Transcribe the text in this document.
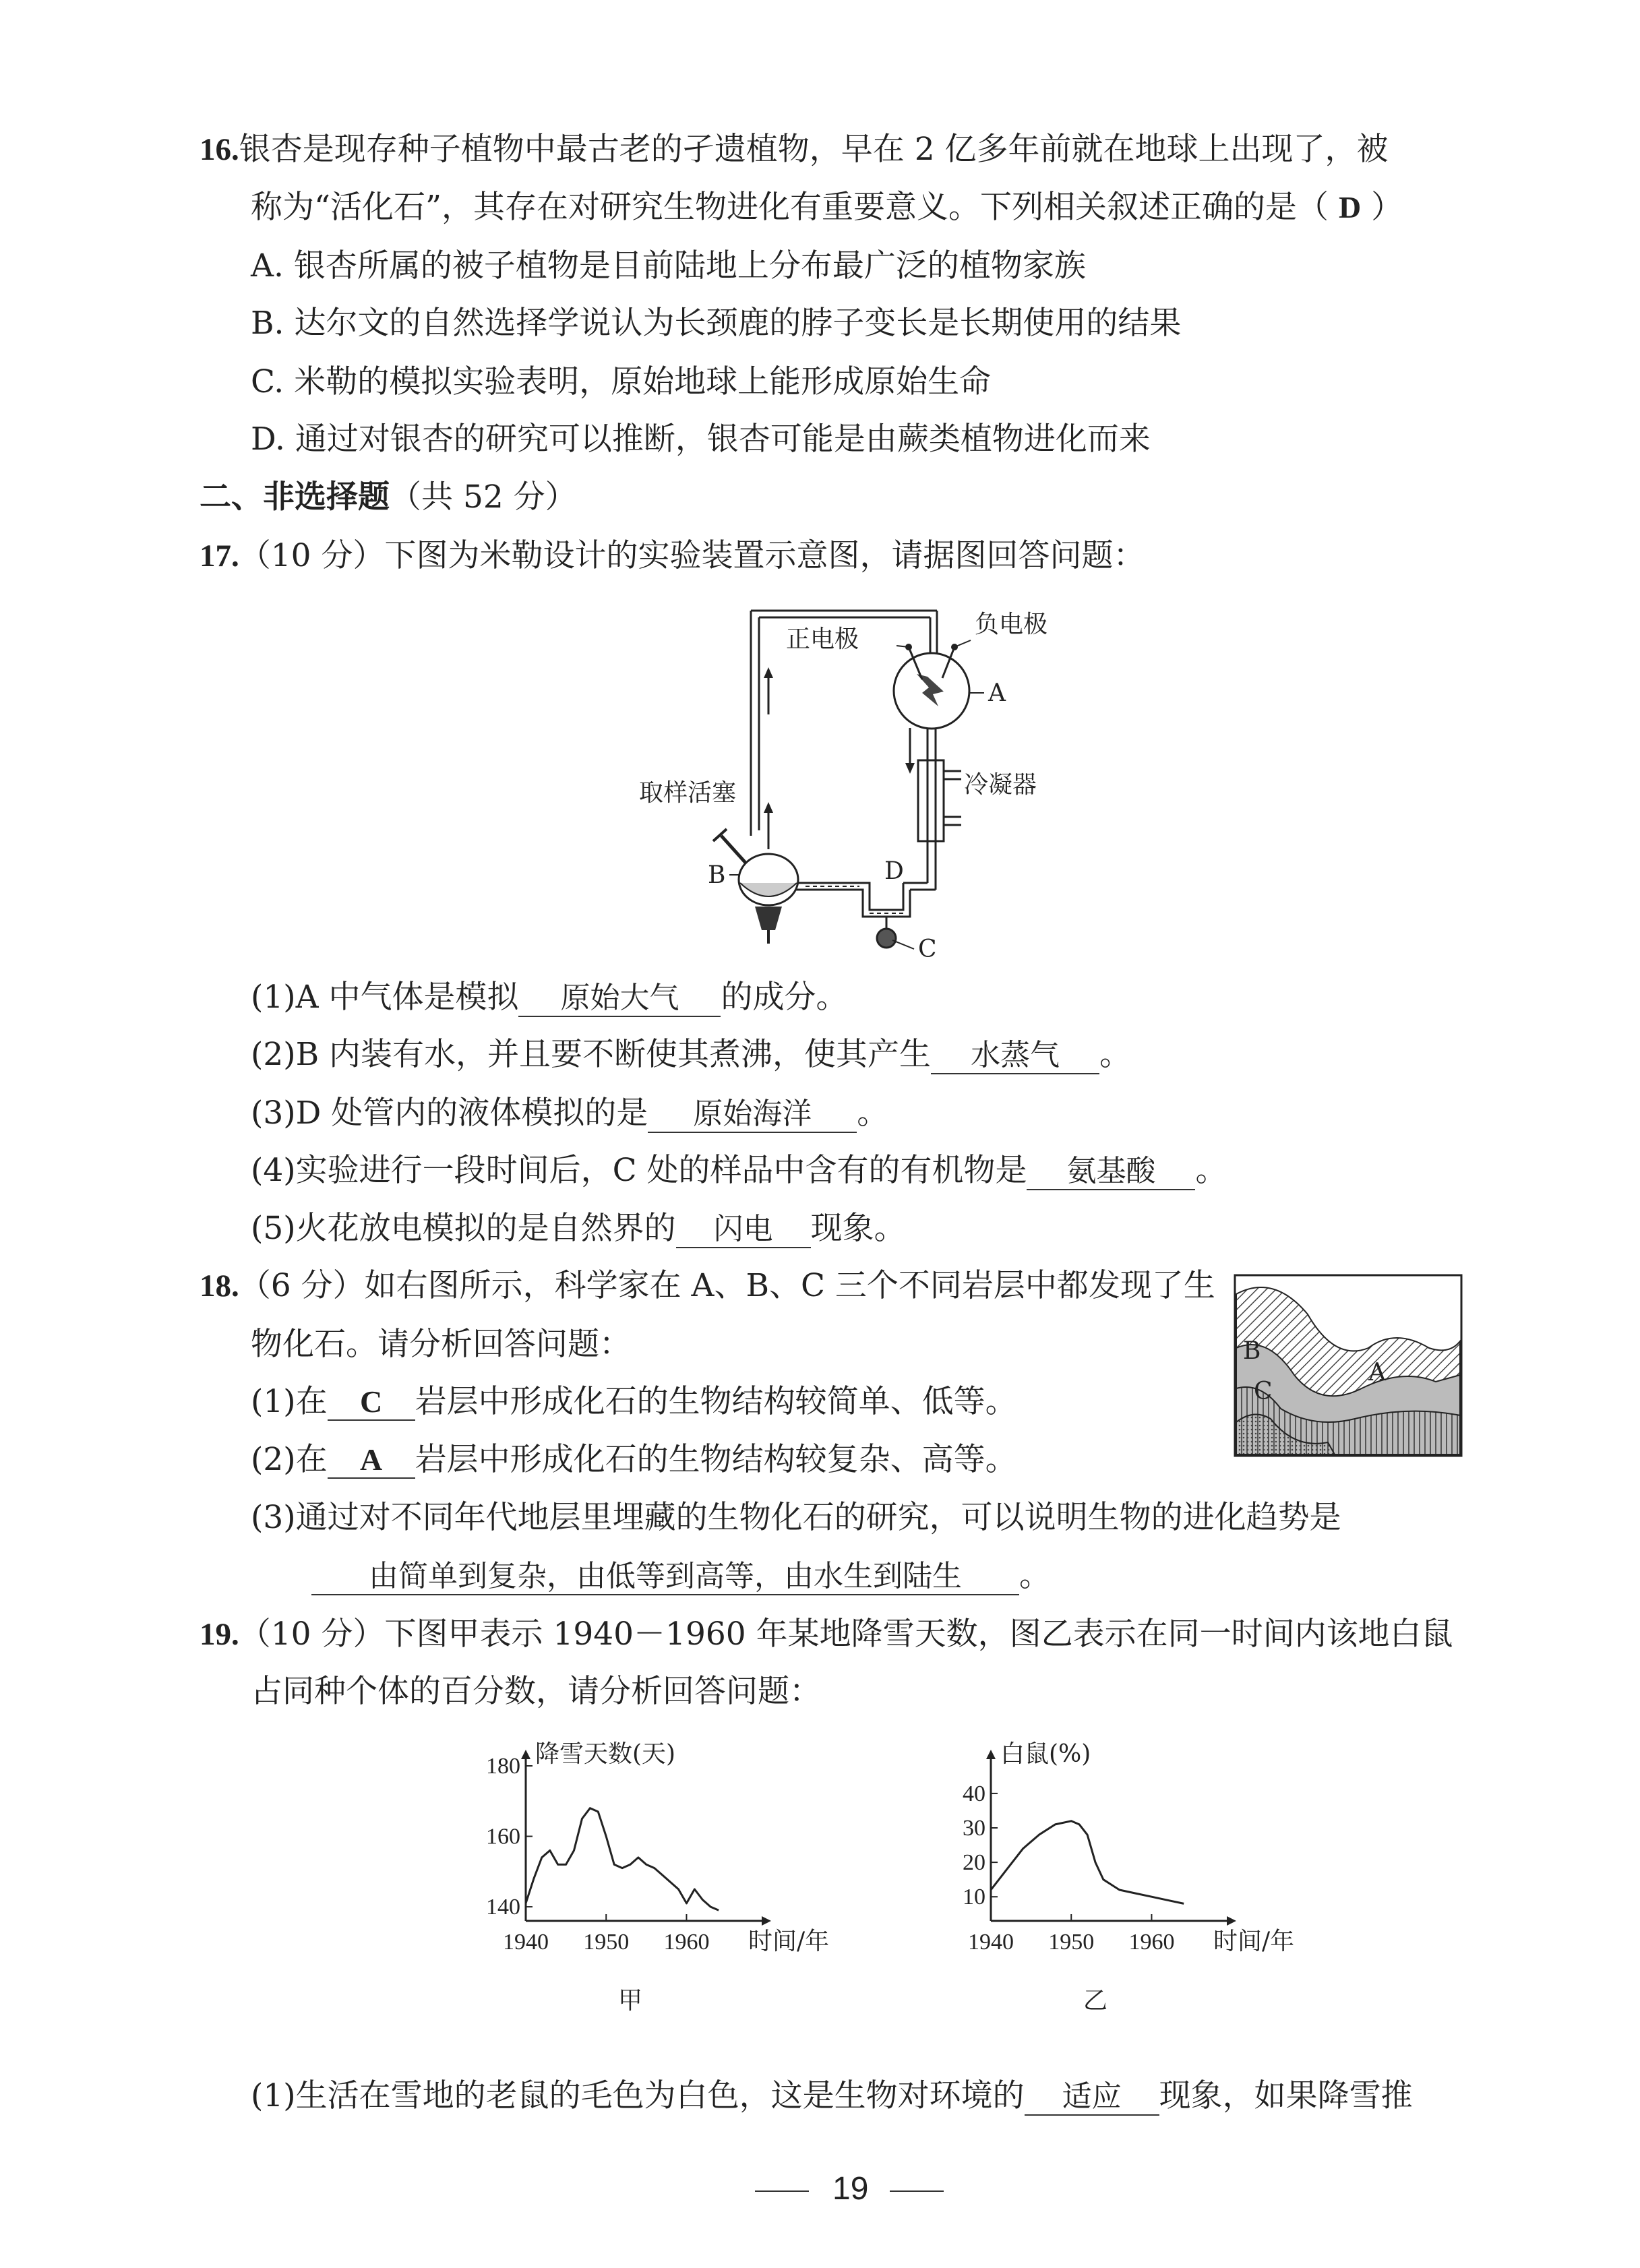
16.银杏是现存种子植物中最古老的孑遗植物，早在 2 亿多年前就在地球上出现了，被
称为“活化石”，其存在对研究生物进化有重要意义。下列相关叙述正确的是（ D ）
A. 银杏所属的被子植物是目前陆地上分布最广泛的植物家族
B. 达尔文的自然选择学说认为长颈鹿的脖子变长是长期使用的结果
C. 米勒的模拟实验表明，原始地球上能形成原始生命
D. 通过对银杏的研究可以推断，银杏可能是由蕨类植物进化而来
二、非选择题（共 52 分）
17.（10 分）下图为米勒设计的实验装置示意图，请据图回答问题：
正电极
负电极
A
冷凝器
取样活塞
B	D
C
(1)A 中气体是模拟 原始大气 的成分。
(2)B 内装有水，并且要不断使其煮沸，使其产生 水蒸气 。
(3)D 处管内的液体模拟的是 原始海洋 。
(4)实验进行一段时间后，C 处的样品中含有的有机物是 氨基酸 。
(5)火花放电模拟的是自然界的 闪电 现象。
18.（6 分）如右图所示，科学家在 A、B、C 三个不同岩层中都发现了生
物化石。请分析回答问题：
(1)在 C 岩层中形成化石的生物结构较简单、低等。
(2)在 A 岩层中形成化石的生物结构较复杂、高等。
(3)通过对不同年代地层里埋藏的生物化石的研究，可以说明生物的进化趋势是
由简单到复杂，由低等到高等，由水生到陆生 。
B
C
A
19.（10 分）下图甲表示 1940－1960 年某地降雪天数，图乙表示在同一时间内该地白鼠
占同种个体的百分数，请分析回答问题：
140
160
180
1940 1950 1960
降雪天数(天)
时间/年
甲
10
20
30
40
1940 1950 1960
白鼠(%)
时间/年
乙
(1)生活在雪地的老鼠的毛色为白色，这是生物对环境的 适应 现象，如果降雪推
19
